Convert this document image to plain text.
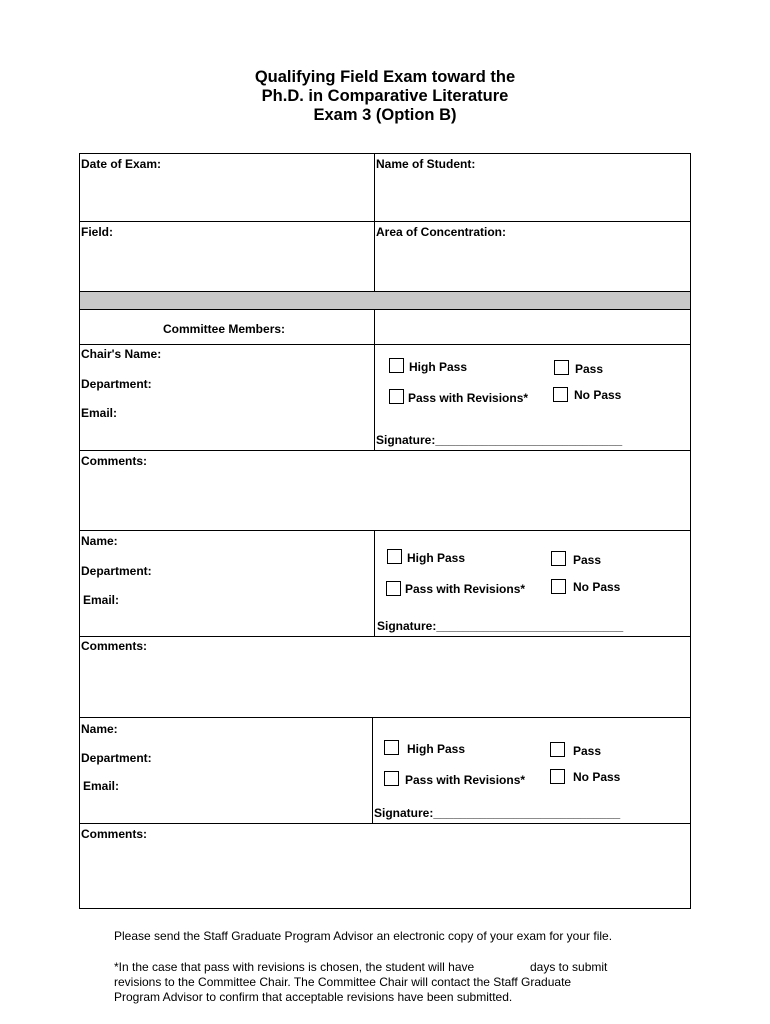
Qualifying Field Exam toward the
Ph.D. in Comparative Literature
Exam 3 (Option B)
Date of Exam:	Name of Student:
Field:	Area of Concentration:
Committee Members:
Chair's Name:
Department:
Email:
High Pass	Pass
Pass with Revisions*	No Pass
Signature:____________________________
Comments:
Name:
Department:
Email:
High Pass	Pass
Pass with Revisions*	No Pass
Signature:____________________________
Comments:
Name:
Department:
Email:
High Pass	Pass
Pass with Revisions*	No Pass
Signature:____________________________
Comments:
Please send the Staff Graduate Program Advisor an electronic copy of your exam for your file.
*In the case that pass with revisions is chosen, the student will have	days to submit
revisions to the Committee Chair. The Committee Chair will contact the Staff Graduate
Program Advisor to confirm that acceptable revisions have been submitted.
